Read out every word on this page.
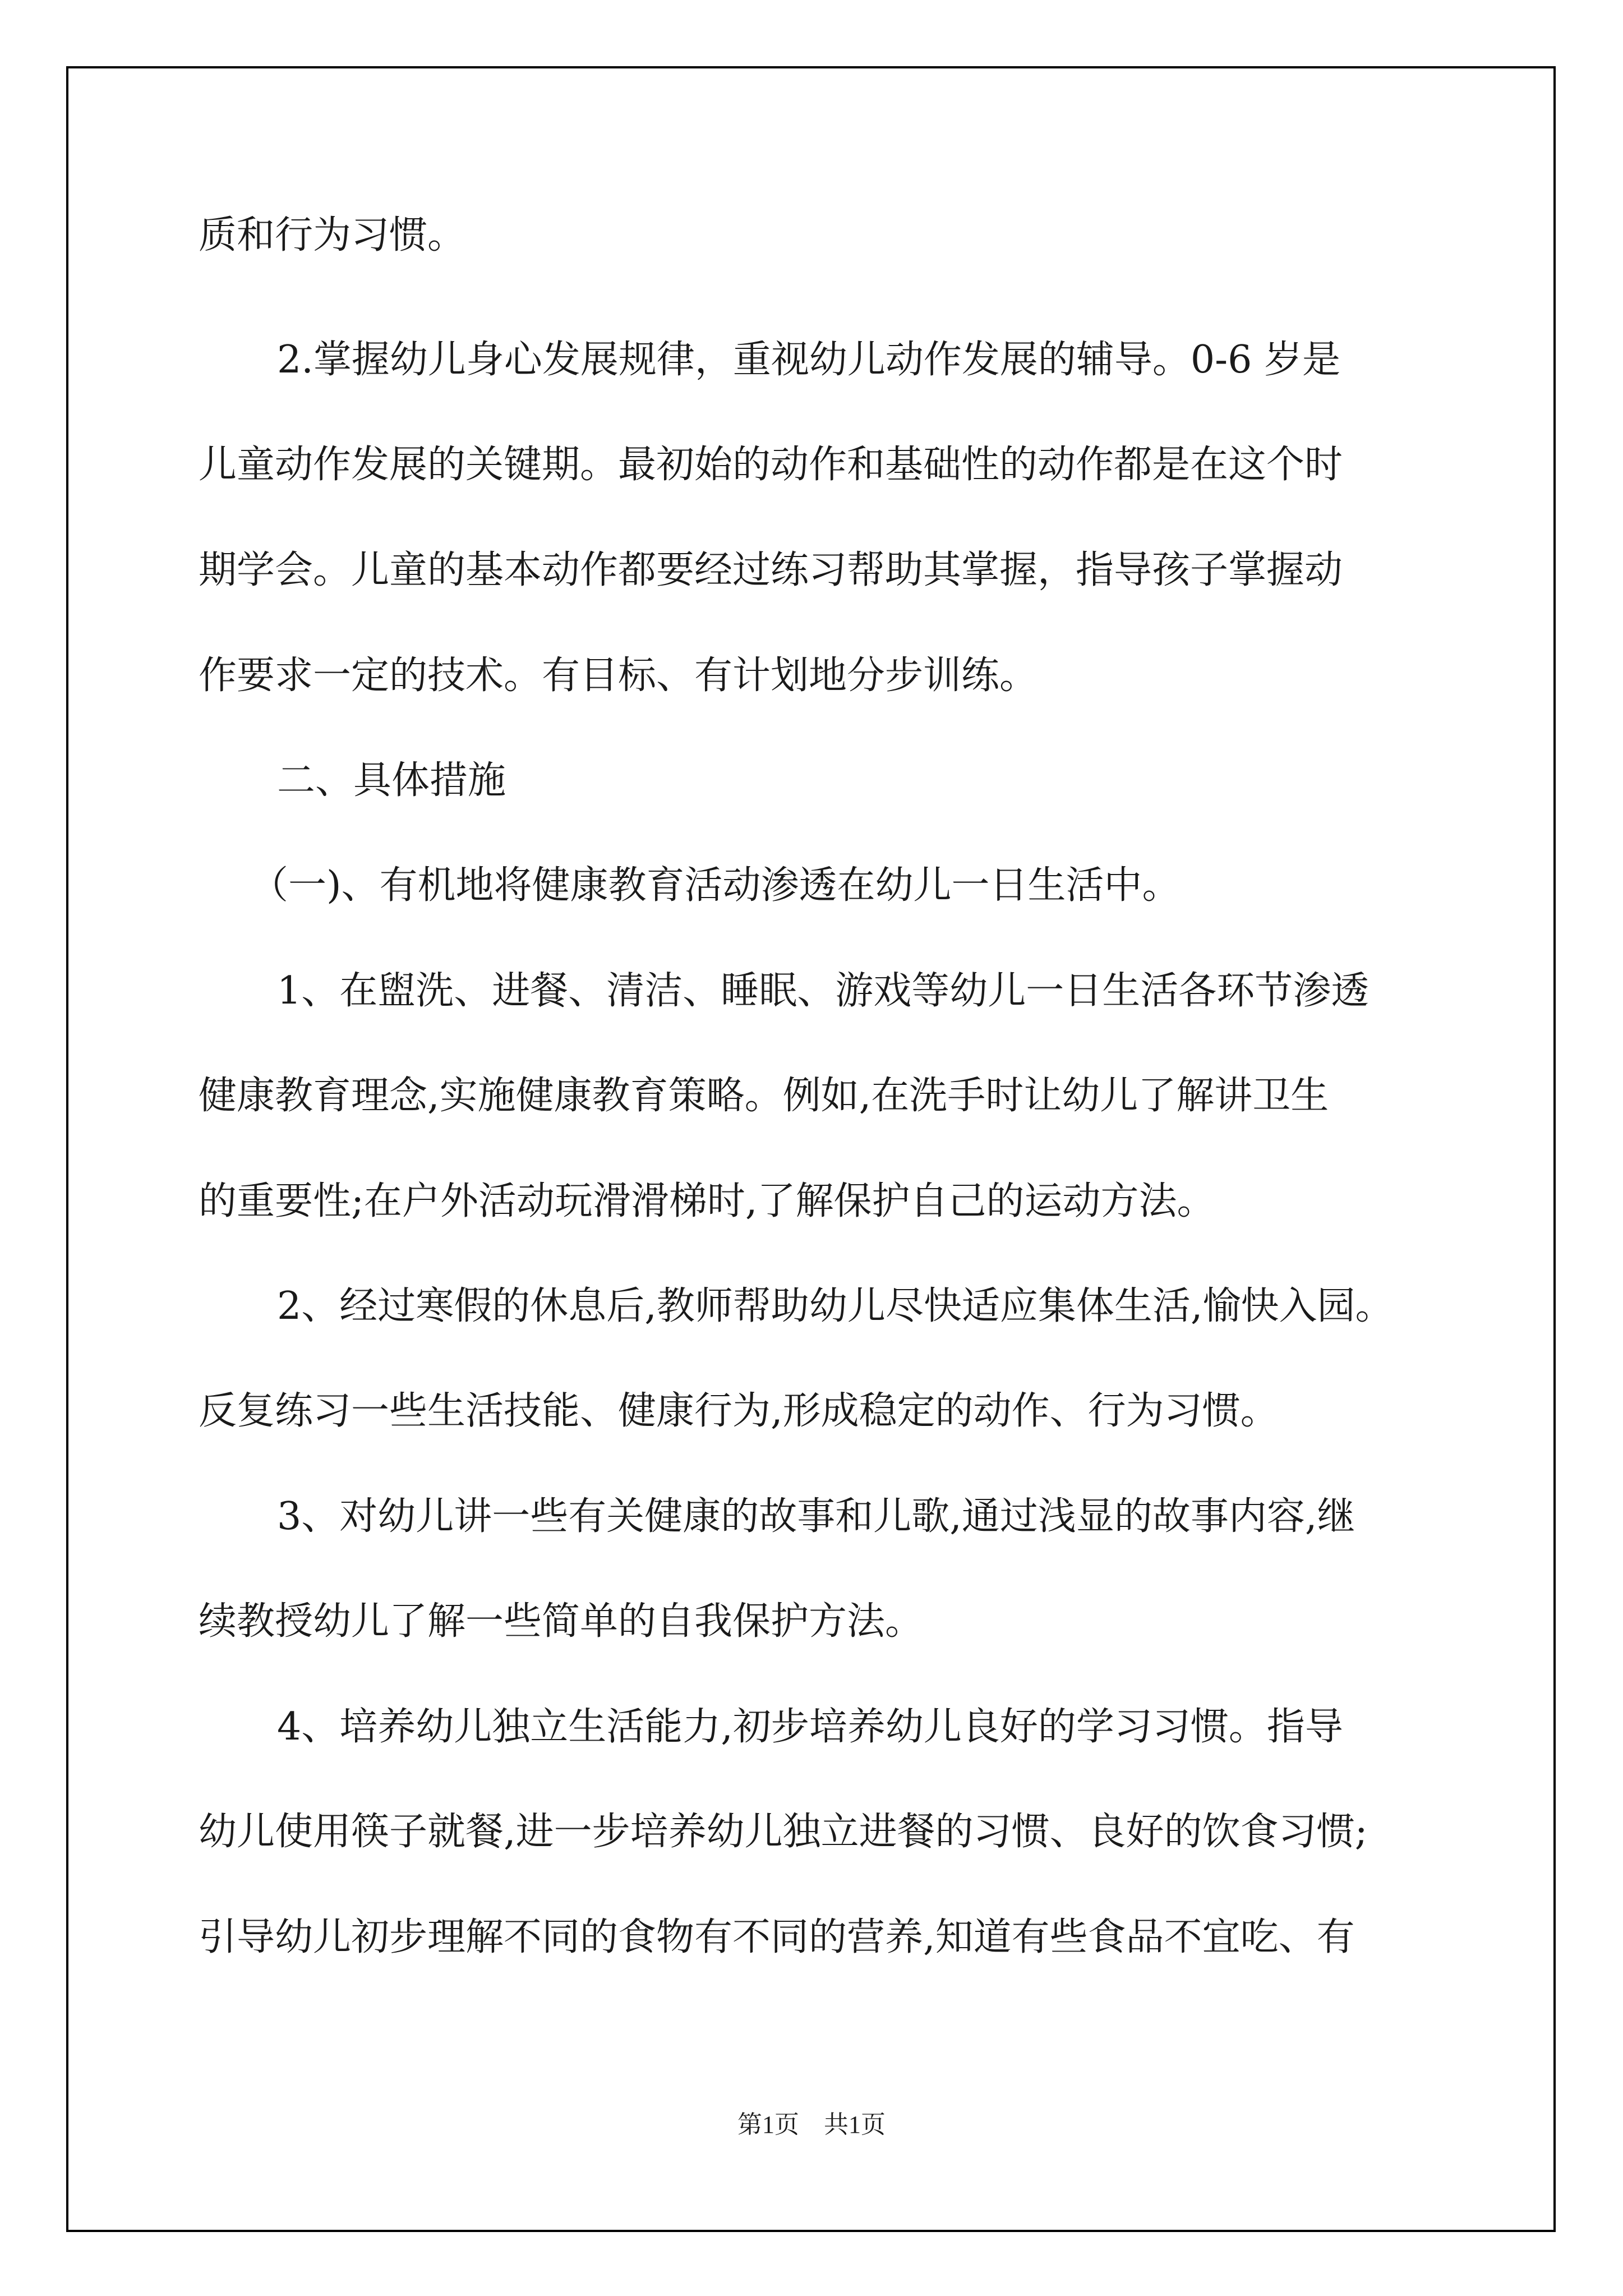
质和行为习惯。
2.掌握幼儿身心发展规律，重视幼儿动作发展的辅导。0-6 岁是
儿童动作发展的关键期。最初始的动作和基础性的动作都是在这个时
期学会。儿童的基本动作都要经过练习帮助其掌握，指导孩子掌握动
作要求一定的技术。有目标、有计划地分步训练。
二、具体措施
（一)、有机地将健康教育活动渗透在幼儿一日生活中。
1、在盥洗、进餐、清洁、睡眠、游戏等幼儿一日生活各环节渗透
健康教育理念,实施健康教育策略。例如,在洗手时让幼儿了解讲卫生
的重要性;在户外活动玩滑滑梯时,了解保护自己的运动方法。
2、经过寒假的休息后,教师帮助幼儿尽快适应集体生活,愉快入园。
反复练习一些生活技能、健康行为,形成稳定的动作、行为习惯。
3、对幼儿讲一些有关健康的故事和儿歌,通过浅显的故事内容,继
续教授幼儿了解一些简单的自我保护方法。
4、培养幼儿独立生活能力,初步培养幼儿良好的学习习惯。指导
幼儿使用筷子就餐,进一步培养幼儿独立进餐的习惯、良好的饮食习惯;
引导幼儿初步理解不同的食物有不同的营养,知道有些食品不宜吃、有
第1页　共1页
